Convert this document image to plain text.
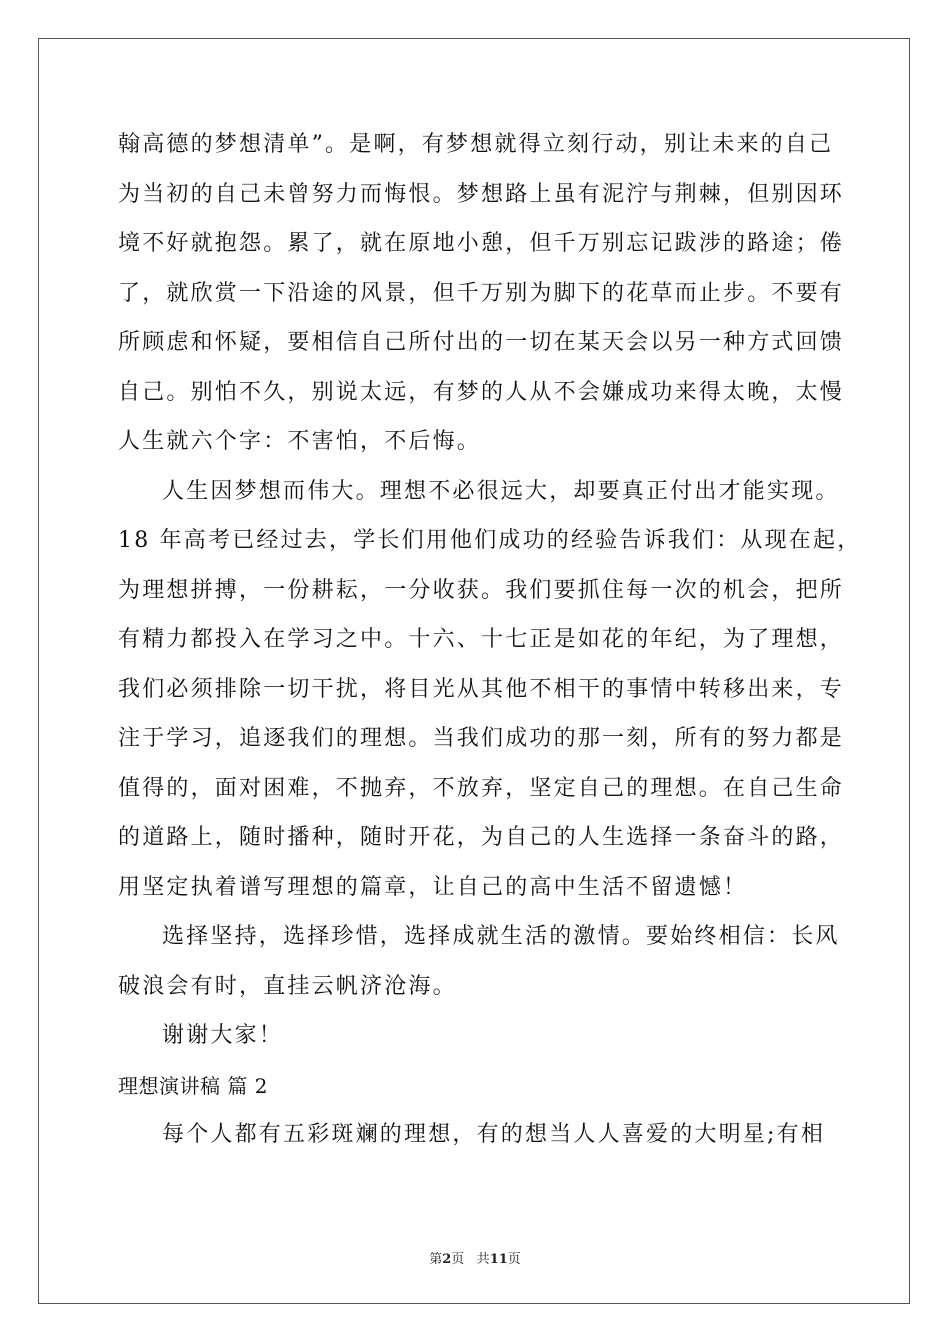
翰高德的梦想清单”。是啊，有梦想就得立刻行动，别让未来的自己
为当初的自己未曾努力而悔恨。梦想路上虽有泥泞与荆棘，但别因环
境不好就抱怨。累了，就在原地小憩，但千万别忘记跋涉的路途；倦
了，就欣赏一下沿途的风景，但千万别为脚下的花草而止步。不要有
所顾虑和怀疑，要相信自己所付出的一切在某天会以另一种方式回馈
自己。别怕不久，别说太远，有梦的人从不会嫌成功来得太晚，太慢
人生就六个字：不害怕，不后悔。
人生因梦想而伟大。理想不必很远大，却要真正付出才能实现。
18 年高考已经过去，学长们用他们成功的经验告诉我们：从现在起，
为理想拼搏，一份耕耘，一分收获。我们要抓住每一次的机会，把所
有精力都投入在学习之中。十六、十七正是如花的年纪，为了理想，
我们必须排除一切干扰，将目光从其他不相干的事情中转移出来，专
注于学习，追逐我们的理想。当我们成功的那一刻，所有的努力都是
值得的，面对困难，不抛弃，不放弃，坚定自己的理想。在自己生命
的道路上，随时播种，随时开花，为自己的人生选择一条奋斗的路，
用坚定执着谱写理想的篇章，让自己的高中生活不留遗憾！
选择坚持，选择珍惜，选择成就生活的激情。要始终相信：长风
破浪会有时，直挂云帆济沧海。
谢谢大家！
理想演讲稿 篇 2
每个人都有五彩斑斓的理想，有的想当人人喜爱的大明星;有相
第2页 共11页
